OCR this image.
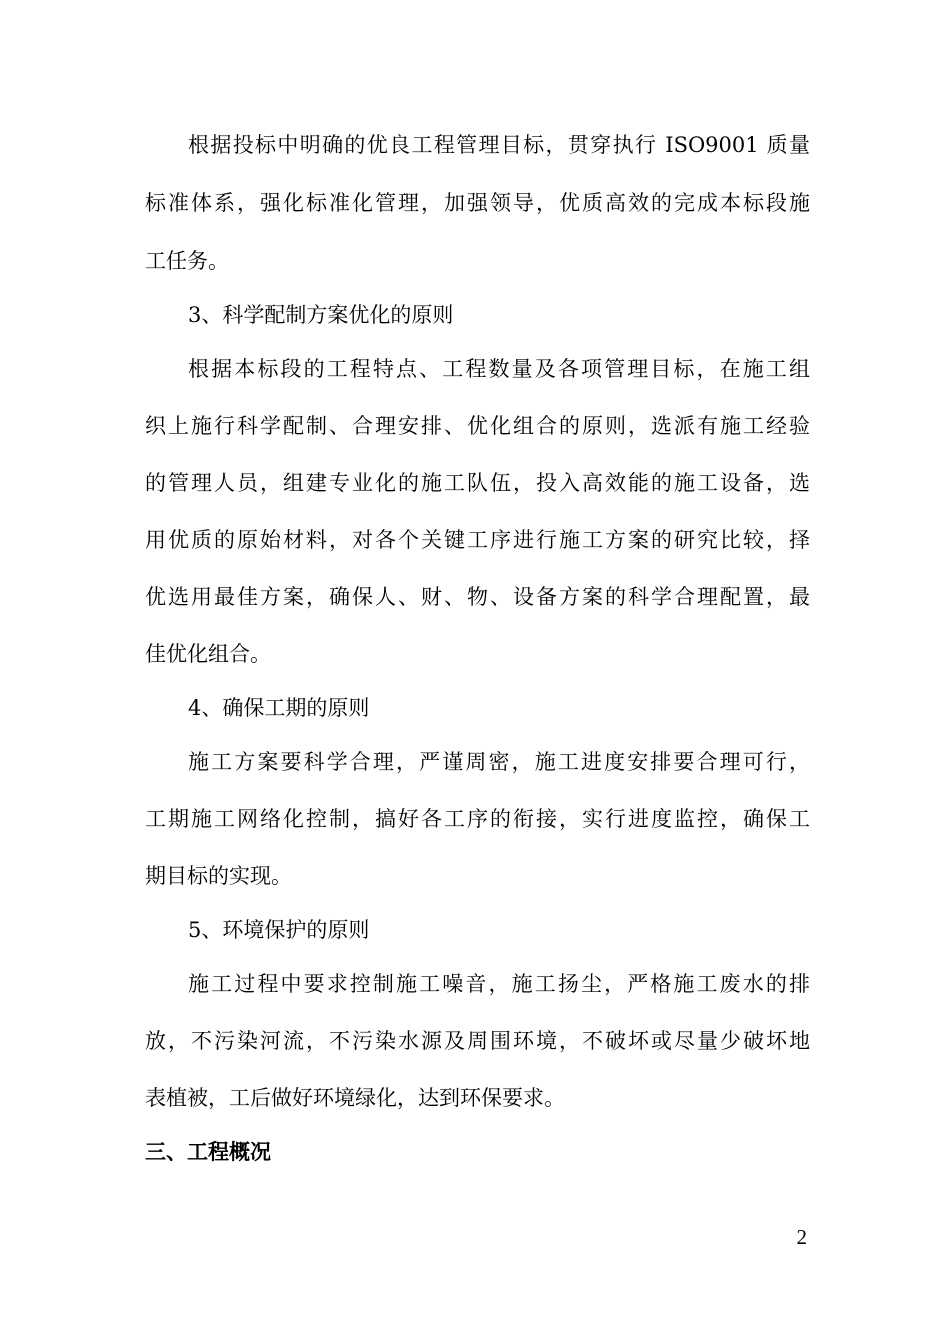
根据投标中明确的优良工程管理目标，贯穿执行 ISO9001 质量
标准体系，强化标准化管理，加强领导，优质高效的完成本标段施
工任务。
3、科学配制方案优化的原则
根据本标段的工程特点、工程数量及各项管理目标，在施工组
织上施行科学配制、合理安排、优化组合的原则，选派有施工经验
的管理人员，组建专业化的施工队伍，投入高效能的施工设备，选
用优质的原始材料，对各个关键工序进行施工方案的研究比较，择
优选用最佳方案，确保人、财、物、设备方案的科学合理配置，最
佳优化组合。
4、确保工期的原则
施工方案要科学合理，严谨周密，施工进度安排要合理可行，
工期施工网络化控制，搞好各工序的衔接，实行进度监控，确保工
期目标的实现。
5、环境保护的原则
施工过程中要求控制施工噪音，施工扬尘，严格施工废水的排
放，不污染河流，不污染水源及周围环境，不破坏或尽量少破坏地
表植被，工后做好环境绿化，达到环保要求。
三、工程概况
2
